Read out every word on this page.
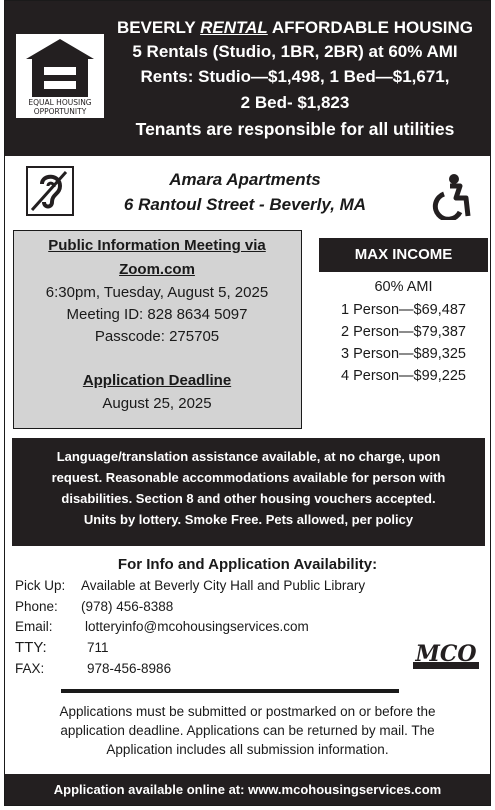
EQUAL HOUSING
OPPORTUNITY
BEVERLY RENTAL AFFORDABLE HOUSING
5 Rentals (Studio, 1BR, 2BR) at 60% AMI
Rents: Studio—$1,498, 1 Bed—$1,671,
2 Bed- $1,823
Tenants are responsible for all utilities
Amara Apartments
6 Rantoul Street - Beverly, MA
Public Information Meeting via
Zoom.com
6:30pm, Tuesday, August 5, 2025
Meeting ID: 828 8634 5097
Passcode: 275705
Application Deadline
August 25, 2025
MAX INCOME
60% AMI
1 Person—$69,487
2 Person—$79,387
3 Person—$89,325
4 Person—$99,225
Language/translation assistance available, at no charge, upon
request. Reasonable accommodations available for person with
disabilities. Section 8 and other housing vouchers accepted.
Units by lottery. Smoke Free. Pets allowed, per policy
For Info and Application Availability:
Pick Up: Available at Beverly City Hall and Public Library
Phone: (978) 456-8388
Email: lotteryinfo@mcohousingservices.com
TTY:	711
FAX:	978-456-8986
MCO
Applications must be submitted or postmarked on or before the
application deadline. Applications can be returned by mail. The
Application includes all submission information.
Application available online at: www.mcohousingservices.com
